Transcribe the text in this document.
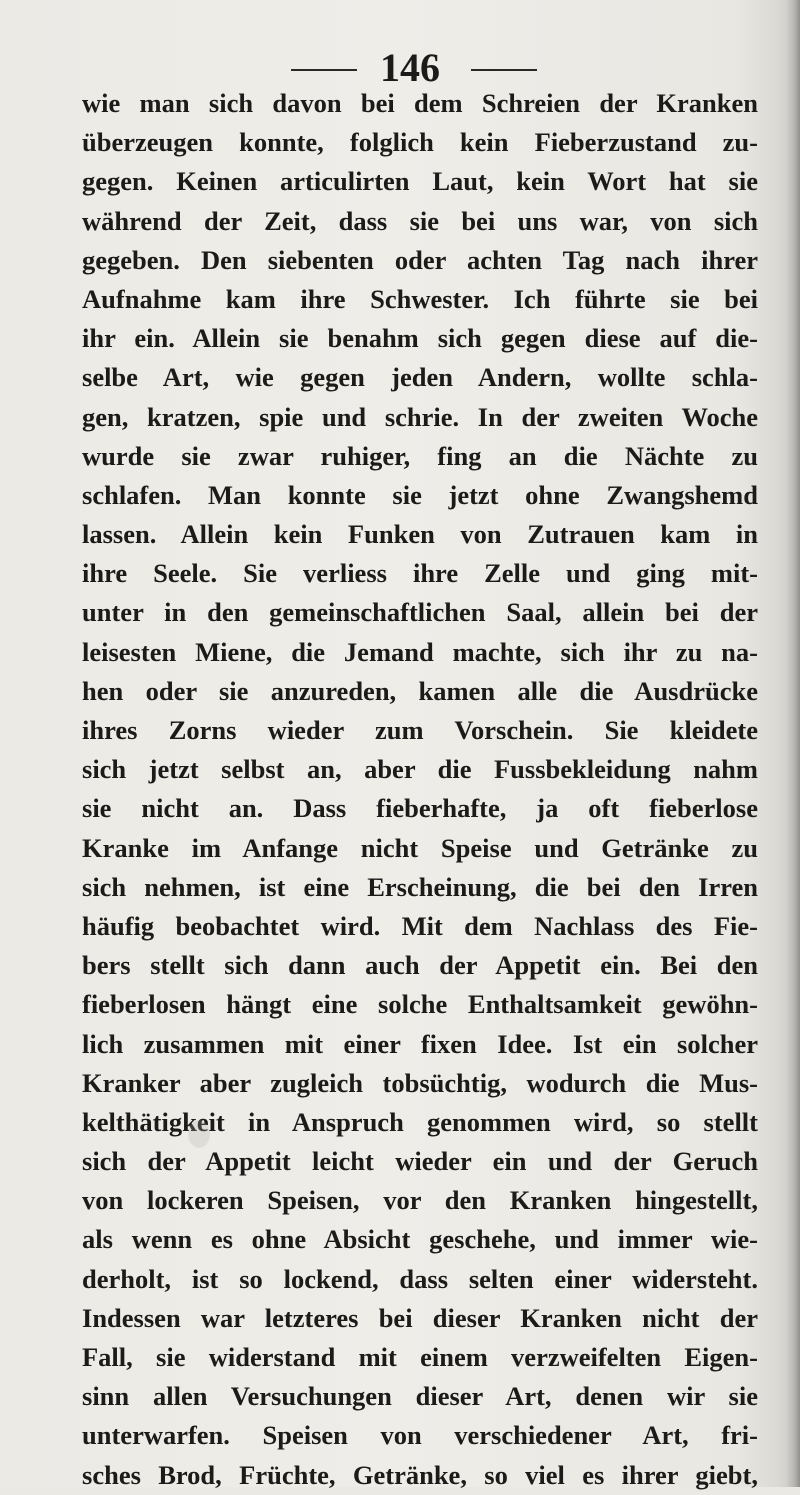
146
wie man sich davon bei dem Schreien der Kranken
überzeugen konnte, folglich kein Fieberzustand zu-
gegen. Keinen articulirten Laut, kein Wort hat sie
während der Zeit, dass sie bei uns war, von sich
gegeben. Den siebenten oder achten Tag nach ihrer
Aufnahme kam ihre Schwester. Ich führte sie bei
ihr ein. Allein sie benahm sich gegen diese auf die-
selbe Art, wie gegen jeden Andern, wollte schla-
gen, kratzen, spie und schrie. In der zweiten Woche
wurde sie zwar ruhiger, fing an die Nächte zu
schlafen. Man konnte sie jetzt ohne Zwangshemd
lassen. Allein kein Funken von Zutrauen kam in
ihre Seele. Sie verliess ihre Zelle und ging mit-
unter in den gemeinschaftlichen Saal, allein bei der
leisesten Miene, die Jemand machte, sich ihr zu na-
hen oder sie anzureden, kamen alle die Ausdrücke
ihres Zorns wieder zum Vorschein. Sie kleidete
sich jetzt selbst an, aber die Fussbekleidung nahm
sie nicht an. Dass fieberhafte, ja oft fieberlose
Kranke im Anfange nicht Speise und Getränke zu
sich nehmen, ist eine Erscheinung, die bei den Irren
häufig beobachtet wird. Mit dem Nachlass des Fie-
bers stellt sich dann auch der Appetit ein. Bei den
fieberlosen hängt eine solche Enthaltsamkeit gewöhn-
lich zusammen mit einer fixen Idee. Ist ein solcher
Kranker aber zugleich tobsüchtig, wodurch die Mus-
kelthätigkeit in Anspruch genommen wird, so stellt
sich der Appetit leicht wieder ein und der Geruch
von lockeren Speisen, vor den Kranken hingestellt,
als wenn es ohne Absicht geschehe, und immer wie-
derholt, ist so lockend, dass selten einer widersteht.
Indessen war letzteres bei dieser Kranken nicht der
Fall, sie widerstand mit einem verzweifelten Eigen-
sinn allen Versuchungen dieser Art, denen wir sie
unterwarfen. Speisen von verschiedener Art, fri-
sches Brod, Früchte, Getränke, so viel es ihrer giebt,
